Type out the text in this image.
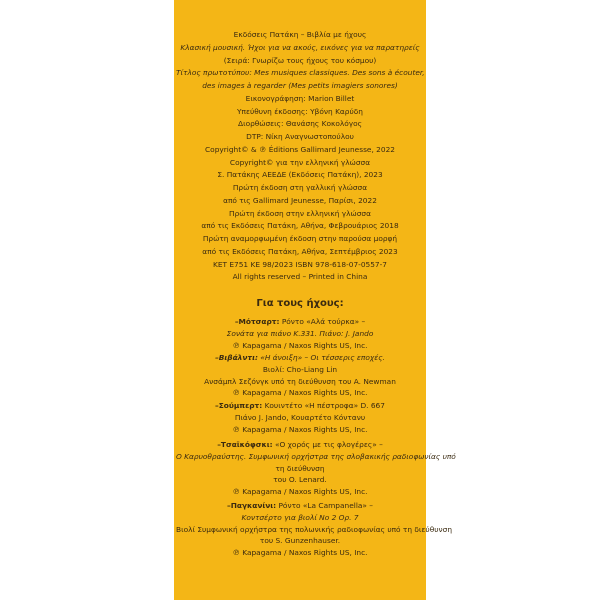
Εκδόσεις Πατάκη – Βιβλία με ήχους
Κλασική μουσική. Ήχοι για να ακούς, εικόνες για να παρατηρείς
(Σειρά: Γνωρίζω τους ήχους του κόσμου)
Τίτλος πρωτοτύπου: Mes musiques classiques. Des sons à écouter,
des images à regarder (Mes petits imagiers sonores)
Εικονογράφηση: Marion Billet
Υπεύθυνη έκδοσης: Υβόνη Καρύδη
Διορθώσεις: Θανάσης Κοκολόγος
DTP: Νίκη Αναγνωστοπούλου
Copyright© & ℗ Éditions Gallimard Jeunesse, 2022
Copyright© για την ελληνική γλώσσα
Σ. Πατάκης ΑΕΕΔΕ (Εκδόσεις Πατάκη), 2023
Πρώτη έκδοση στη γαλλική γλώσσα
από τις Gallimard Jeunesse, Παρίσι, 2022
Πρώτη έκδοση στην ελληνική γλώσσα
από τις Εκδόσεις Πατάκη, Αθήνα, Φεβρουάριος 2018
Πρώτη αναμορφωμένη έκδοση στην παρούσα μορφή
από τις Εκδόσεις Πατάκη, Αθήνα, Σεπτέμβριος 2023
ΚΕΤ Ε751 ΚΕ 98/2023 ISBN 978-618-07-0557-7
All rights reserved – Printed in China
Για τους ήχους:
–Μότσαρτ: Ρόντο «Αλά τούρκα» –
Σονάτα για πιάνο Κ.331. Πιάνο: J. Jando
℗ Kapagama / Naxos Rights US, Inc.
–Βιβάλντι: «Η άνοιξη» – Οι τέσσερις εποχές.
Βιολί: Cho-Liang Lin
Ανσάμπλ Σεζόνγκ υπό τη διεύθυνση του A. Newman
℗ Kapagama / Naxos Rights US, Inc.
–Σούμπερτ: Κουιντέτο «Η πέστροφα» D. 667
Πιάνο J. Jando, Κουαρτέτο Κόντανυ
℗ Kapagama / Naxos Rights US, Inc.
–Τσαϊκόφσκι: «Ο χορός με τις φλογέρες» –
Ο Καρυοθραύστης. Συμφωνική ορχήστρα της σλοβακικής ραδιοφωνίας υπό
τη διεύθυνση
του O. Lenard.
℗ Kapagama / Naxos Rights US, Inc.
–Παγκανίνι: Ρόντο «La Campanella» –
Κοντσέρτο για βιολί Νο 2 Ορ. 7
Βιολί Συμφωνική ορχήστρα της πολωνικής ραδιοφωνίας υπό τη διεύθυνση
του S. Gunzenhauser.
℗ Kapagama / Naxos Rights US, Inc.
